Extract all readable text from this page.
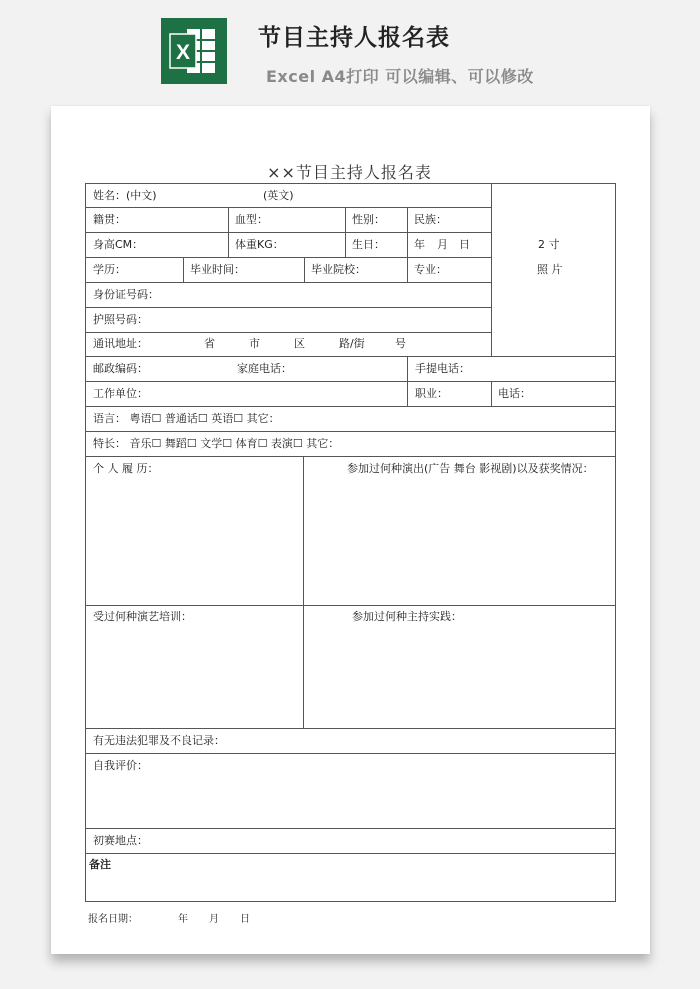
X
节目主持人报名表
Excel A4打印 可以编辑、可以修改
××节目主持人报名表
姓名：(中文)	(英文)
籍贯：	血型：	性别：	民族：
身高CM：	体重KG：	生日：	年 月 日
学历：	毕业时间：	毕业院校：	专业：
2 寸
照 片
身份证号码：
护照号码：
通讯地址：	省	市	区	路/街	号
邮政编码：	家庭电话：	手提电话：
工作单位：	职业：	电话：
语言： 粤语☐ 普通话☐ 英语☐ 其它：
特长： 音乐☐ 舞蹈☐ 文学☐ 体育☐ 表演☐ 其它：
个 人 履 历：	参加过何种演出(广告 舞台 影视剧)以及获奖情况：
受过何种演艺培训：	参加过何种主持实践：
有无违法犯罪及不良记录：
自我评价：
初赛地点：
备注
报名日期：	年 月 日
